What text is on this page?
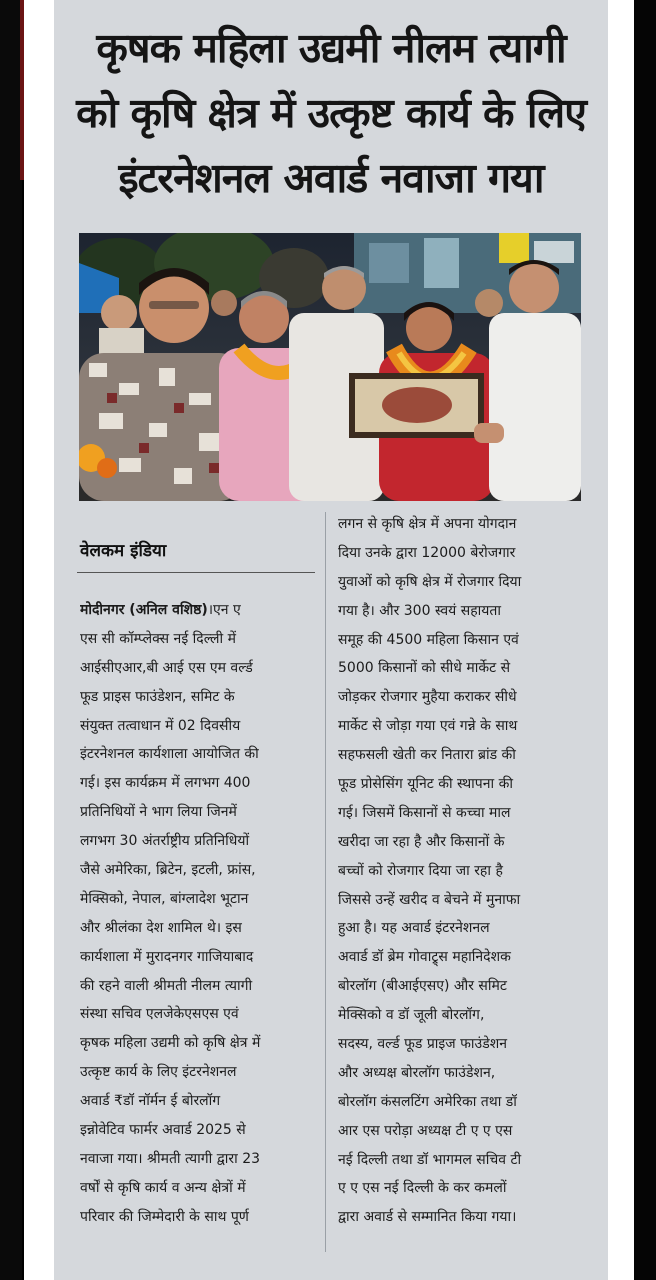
कृषक महिला उद्यमी नीलम त्यागी
को कृषि क्षेत्र में उत्कृष्ट कार्य के लिए
इंटरनेशनल अवार्ड नवाजा गया
वेलकम इंडिया
मोदीनगर (अनिल वशिष्ठ)।एन ए
एस सी कॉम्प्लेक्स नई दिल्ली में
आईसीएआर,बी आई एस एम वर्ल्ड
फूड प्राइस फाउंडेशन, समिट के
संयुक्त तत्वाधान में 02 दिवसीय
इंटरनेशनल कार्यशाला आयोजित की
गई। इस कार्यक्रम में लगभग 400
प्रतिनिधियों ने भाग लिया जिनमें
लगभग 30 अंतर्राष्ट्रीय प्रतिनिधियों
जैसे अमेरिका, ब्रिटेन, इटली, फ्रांस,
मेक्सिको, नेपाल, बांग्लादेश भूटान
और श्रीलंका देश शामिल थे। इस
कार्यशाला में मुरादनगर गाजियाबाद
की रहने वाली श्रीमती नीलम त्यागी
संस्था सचिव एलजेकेएसएस एवं
कृषक महिला उद्यमी को कृषि क्षेत्र में
उत्कृष्ट कार्य के लिए इंटरनेशनल
अवार्ड ₹डॉ नॉर्मन ई बोरलॉग
इन्नोवेटिव फार्मर अवार्ड 2025 से
नवाजा गया। श्रीमती त्यागी द्वारा 23
वर्षों से कृषि कार्य व अन्य क्षेत्रों में
परिवार की जिम्मेदारी के साथ पूर्ण
लगन से कृषि क्षेत्र में अपना योगदान
दिया उनके द्वारा 12000 बेरोजगार
युवाओं को कृषि क्षेत्र में रोजगार दिया
गया है। और 300 स्वयं सहायता
समूह की 4500 महिला किसान एवं
5000 किसानों को सीधे मार्केट से
जोड़कर रोजगार मुहैया कराकर सीधे
मार्केट से जोड़ा गया एवं गन्ने के साथ
सहफसली खेती कर नितारा ब्रांड की
फूड प्रोसेसिंग यूनिट की स्थापना की
गई। जिसमें किसानों से कच्चा माल
खरीदा जा रहा है और किसानों के
बच्चों को रोजगार दिया जा रहा है
जिससे उन्हें खरीद व बेचने में मुनाफा
हुआ है। यह अवार्ड इंटरनेशनल
अवार्ड डॉ ब्रेम गोवाट्र्स महानिदेशक
बोरलॉग (बीआईएसए) और समिट
मेक्सिको व डॉ जूली बोरलॉग,
सदस्य, वर्ल्ड फूड प्राइज फाउंडेशन
और अध्यक्ष बोरलॉग फाउंडेशन,
बोरलॉग कंसलटिंग अमेरिका तथा डॉ
आर एस परोड़ा अध्यक्ष टी ए ए एस
नई दिल्ली तथा डॉ भागमल सचिव टी
ए ए एस नई दिल्ली के कर कमलों
द्वारा अवार्ड से सम्मानित किया गया।
